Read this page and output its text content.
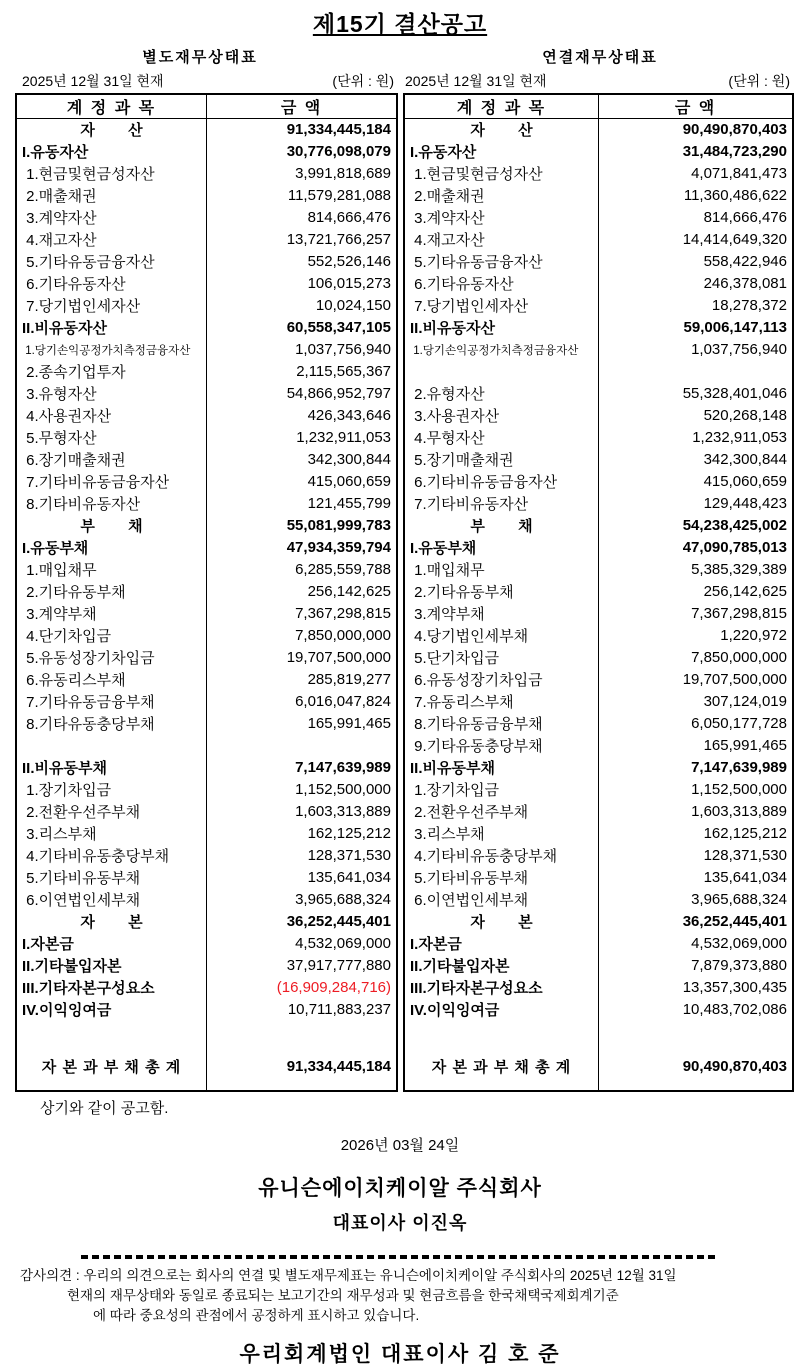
제15기 결산공고
별도재무상태표	연결재무상태표
2025년 12월 31일 현재	(단위 : 원) 2025년 12월 31일 현재	(단위 : 원)
계 정 과 목	금 액
자        산	91,334,445,184
I.유동자산	30,776,098,079
1.현금및현금성자산	3,991,818,689
2.매출채권	11,579,281,088
3.계약자산	814,666,476
4.재고자산	13,721,766,257
5.기타유동금융자산	552,526,146
6.기타유동자산	106,015,273
7.당기법인세자산	10,024,150
II.비유동자산	60,558,347,105
1.당기손익공정가치측정금융자산	1,037,756,940
2.종속기업투자	2,115,565,367
3.유형자산	54,866,952,797
4.사용권자산	426,343,646
5.무형자산	1,232,911,053
6.장기매출채권	342,300,844
7.기타비유동금융자산	415,060,659
8.기타비유동자산	121,455,799
부        채	55,081,999,783
I.유동부채	47,934,359,794
1.매입채무	6,285,559,788
2.기타유동부채	256,142,625
3.계약부채	7,367,298,815
4.단기차입금	7,850,000,000
5.유동성장기차입금	19,707,500,000
6.유동리스부채	285,819,277
7.기타유동금융부채	6,016,047,824
8.기타유동충당부채	165,991,465

II.비유동부채	7,147,639,989
1.장기차입금	1,152,500,000
2.전환우선주부채	1,603,313,889
3.리스부채	162,125,212
4.기타비유동충당부채	128,371,530
5.기타비유동부채	135,641,034
6.이연법인세부채	3,965,688,324
자        본	36,252,445,401
I.자본금	4,532,069,000
II.기타불입자본	37,917,777,880
III.기타자본구성요소	(16,909,284,716)
IV.이익잉여금	10,711,883,237

자 본 과 부 채 총 계	91,334,445,184
계 정 과 목	금 액
자        산	90,490,870,403
I.유동자산	31,484,723,290
1.현금및현금성자산	4,071,841,473
2.매출채권	11,360,486,622
3.계약자산	814,666,476
4.재고자산	14,414,649,320
5.기타유동금융자산	558,422,946
6.기타유동자산	246,378,081
7.당기법인세자산	18,278,372
II.비유동자산	59,006,147,113
1.당기손익공정가치측정금융자산	1,037,756,940

2.유형자산	55,328,401,046
3.사용권자산	520,268,148
4.무형자산	1,232,911,053
5.장기매출채권	342,300,844
6.기타비유동금융자산	415,060,659
7.기타비유동자산	129,448,423
부        채	54,238,425,002
I.유동부채	47,090,785,013
1.매입채무	5,385,329,389
2.기타유동부채	256,142,625
3.계약부채	7,367,298,815
4.당기법인세부채	1,220,972
5.단기차입금	7,850,000,000
6.유동성장기차입금	19,707,500,000
7.유동리스부채	307,124,019
8.기타유동금융부채	6,050,177,728
9.기타유동충당부채	165,991,465
II.비유동부채	7,147,639,989
1.장기차입금	1,152,500,000
2.전환우선주부채	1,603,313,889
3.리스부채	162,125,212
4.기타비유동충당부채	128,371,530
5.기타비유동부채	135,641,034
6.이연법인세부채	3,965,688,324
자        본	36,252,445,401
I.자본금	4,532,069,000
II.기타불입자본	7,879,373,880
III.기타자본구성요소	13,357,300,435
IV.이익잉여금	10,483,702,086

자 본 과 부 채 총 계	90,490,870,403
상기와 같이 공고함.
2026년 03월 24일
유니슨에이치케이알 주식회사
대표이사 이진옥
감사의견 : 우리의 의견으로는 회사의 연결 및 별도재무제표는 유니슨에이치케이알 주식회사의 2025년 12월 31일
현재의 재무상태와 동일로 종료되는 보고기간의 재무성과 및 현금흐름을 한국채택국제회계기준
에 따라 중요성의 관점에서 공정하게 표시하고 있습니다.
우리회계법인 대표이사 김 호 준
